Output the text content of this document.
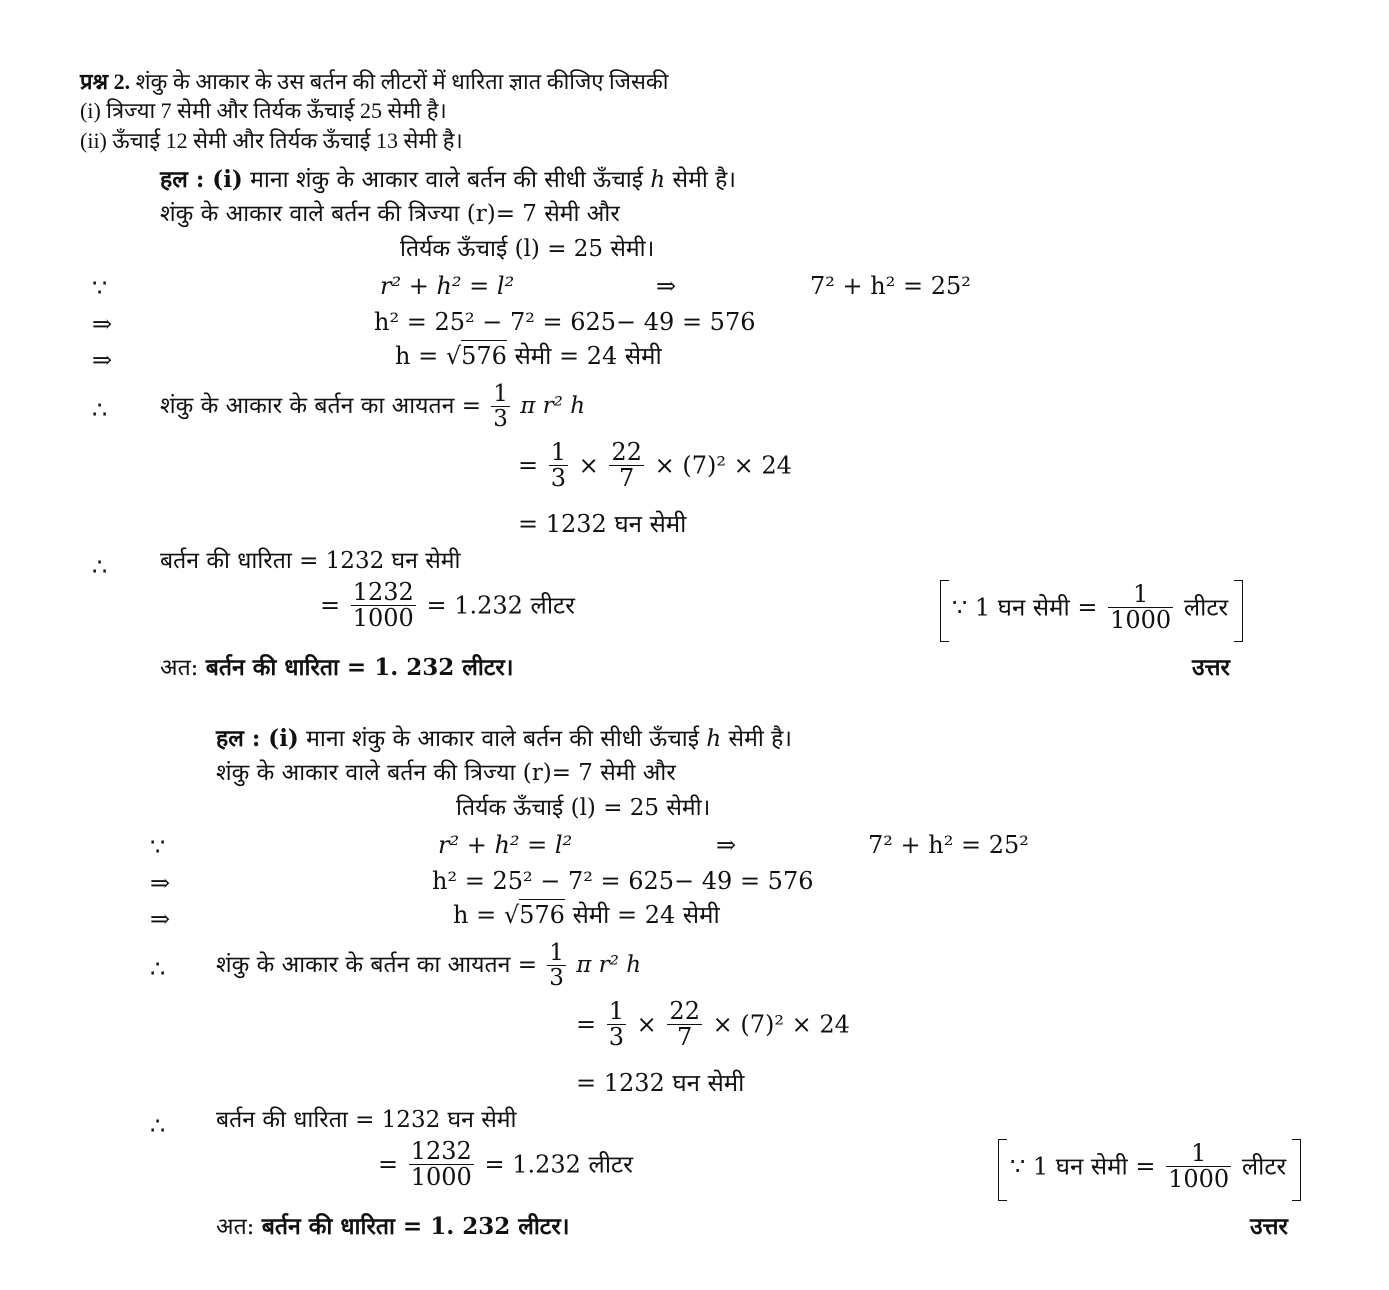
प्रश्न 2. शंकु के आकार के उस बर्तन की लीटरों में धारिता ज्ञात कीजिए जिसकी
(i) त्रिज्या 7 सेमी और तिर्यक ऊँचाई 25 सेमी है।
(ii) ऊँचाई 12 सेमी और तिर्यक ऊँचाई 13 सेमी है।
हल : (i) माना शंकु के आकार वाले बर्तन की सीधी ऊँचाई h सेमी है।
शंकु के आकार वाले बर्तन की त्रिज्या (r)= 7 सेमी और
तिर्यक ऊँचाई (l) = 25 सेमी।
∵	r² + h² = l²	⇒	7² + h² = 25²
⇒	h² = 25² − 7² = 625− 49 = 576
⇒	h = √576 सेमी = 24 सेमी
∴ शंकु के आकार के बर्तन का आयतन = $\frac{1}{3}$ π r² h
= $\frac{1}{3} \times \frac{22}{7} \times (7)^2 \times 24$
= 1232 घन सेमी
∴ बर्तन की धारिता = 1232 घन सेमी
= $\frac{1232}{1000} = 1.232$ लीटर	∵ 1 घन सेमी = $\frac{1}{1000}$ लीटर
अत: बर्तन की धारिता = 1. 232 लीटर।	उत्तर
हल : (i) माना शंकु के आकार वाले बर्तन की सीधी ऊँचाई h सेमी है।
शंकु के आकार वाले बर्तन की त्रिज्या (r)= 7 सेमी और
तिर्यक ऊँचाई (l) = 25 सेमी।
∵	r² + h² = l²	⇒	7² + h² = 25²
⇒	h² = 25² − 7² = 625− 49 = 576
⇒	h = √576 सेमी = 24 सेमी
∴ शंकु के आकार के बर्तन का आयतन = $\frac{1}{3}$ π r² h
= $\frac{1}{3} \times \frac{22}{7} \times (7)^2 \times 24$
= 1232 घन सेमी
∴ बर्तन की धारिता = 1232 घन सेमी
= $\frac{1232}{1000} = 1.232$ लीटर	∵ 1 घन सेमी = $\frac{1}{1000}$ लीटर
अत: बर्तन की धारिता = 1. 232 लीटर।	उत्तर
